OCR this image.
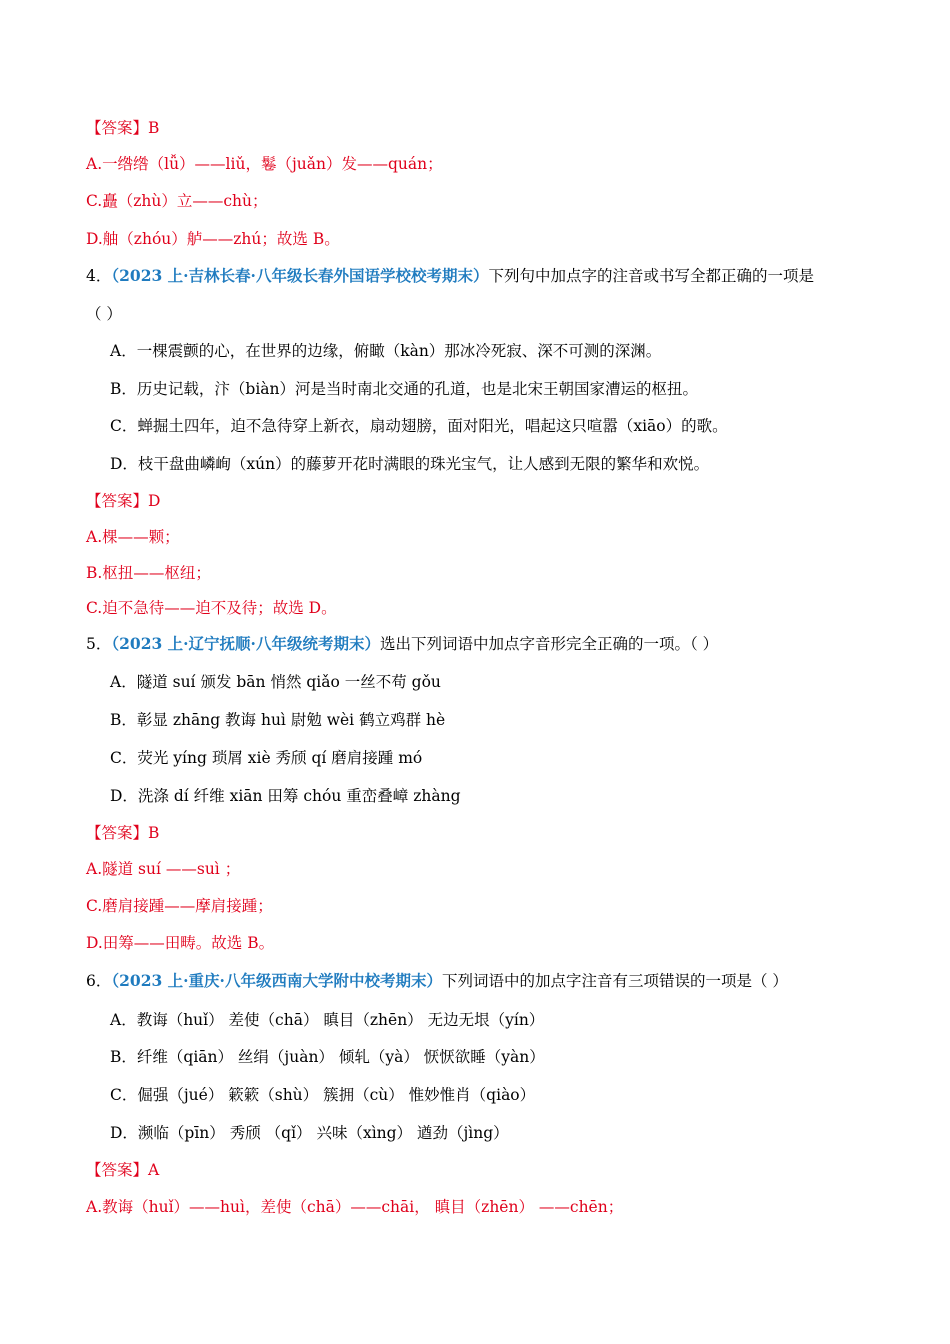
【答案】B
A.一绺绺（lǚ）——liǔ，鬈（juǎn）发——quán；
C.矗（zhù）立——chù；
D.舳（zhóu）舻——zhú；故选 B。
4．（2023 上·吉林长春·八年级长春外国语学校校考期末）下列句中加点字的注音或书写全都正确的一项是
（ ）
A．一棵震颤的心，在世界的边缘，俯瞰（kàn）那冰冷死寂、深不可测的深渊。
B．历史记载，汴（biàn）河是当时南北交通的孔道，也是北宋王朝国家漕运的枢扭。
C．蝉掘土四年，迫不急待穿上新衣，扇动翅膀，面对阳光，唱起这只喧嚣（xiāo）的歌。
D．枝干盘曲嶙峋（xún）的藤萝开花时满眼的珠光宝气，让人感到无限的繁华和欢悦。
【答案】D
A.棵——颗；
B.枢扭——枢纽；
C.迫不急待——迫不及待；故选 D。
5．（2023 上·辽宁抚顺·八年级统考期末）选出下列词语中加点字音形完全正确的一项。（ ）
A．隧道 suí 颁发 bān 悄然 qiǎo 一丝不苟 gǒu
B．彰显 zhāng 教诲 huì 尉勉 wèi 鹤立鸡群 hè
C．荧光 yíng 琐屑 xiè 秀颀 qí 磨肩接踵 mó
D．洗涤 dí 纤维 xiān 田筹 chóu 重峦叠嶂 zhàng
【答案】B
A.隧道 suí ——suì ；
C.磨肩接踵——摩肩接踵；
D.田筹——田畴。故选 B。
6．（2023 上·重庆·八年级西南大学附中校考期末）下列词语中的加点字注音有三项错误的一项是（ ）
A．教诲（huǐ） 差使（chā） 瞋目（zhēn） 无边无垠（yín）
B．纤维（qiān） 丝绢（juàn） 倾轧（yà） 恹恹欲睡（yàn）
C．倔强（jué） 簌簌（shù） 簇拥（cù） 惟妙惟肖（qiào）
D．濒临（pīn） 秀颀 （qǐ） 兴味（xìng） 遒劲（jìng）
【答案】A
A.教诲（huǐ）——huì，差使（chā）——chāi， 瞋目（zhēn） ——chēn；
